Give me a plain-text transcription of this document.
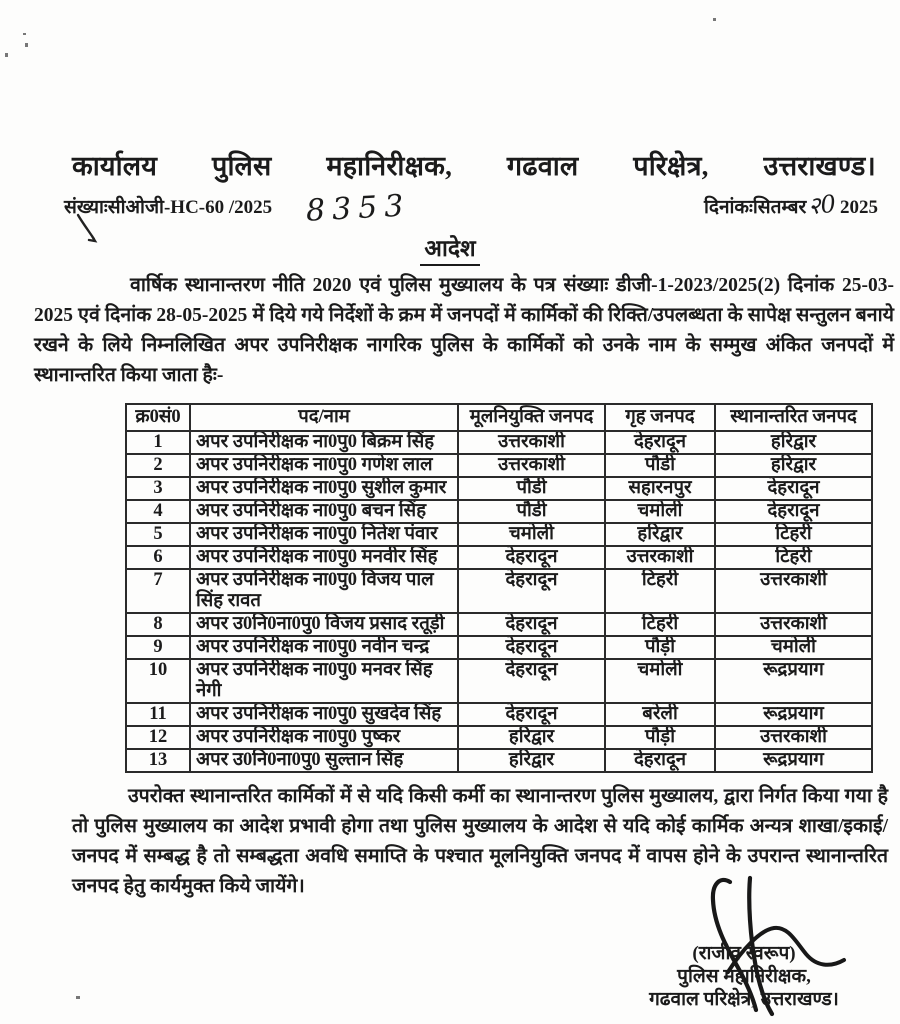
कार्यालय पुलिस महानिरीक्षक, गढवाल परिक्षेत्र, उत्तराखण्ड।
संख्याःसीओजी-HC-60 /2025 8353	दिनांकःसितम्बर २0 2025
आदेश
वार्षिक स्थानान्तरण नीति 2020 एवं पुलिस मुख्यालय के पत्र संख्याः डीजी-1-2023/2025(2) दिनांक 25-03-2025 एवं दिनांक 28-05-2025 में दिये गये निर्देशों के क्रम में जनपदों में कार्मिकों की रिक्ति/उपलब्धता के सापेक्ष सन्तुलन बनाये रखने के लिये निम्नलिखित अपर उपनिरीक्षक नागरिक पुलिस के कार्मिकों को उनके नाम के सम्मुख अंकित जनपदों में स्थानान्तरित किया जाता हैः-
क्र0सं0	पद/नाम	मूलनियुक्ति जनपद	गृह जनपद	स्थानान्तरित जनपद
1	अपर उपनिरीक्षक ना0पु0 बिक्रम सिंह	उत्तरकाशी	देहरादून	हरिद्वार
2	अपर उपनिरीक्षक ना0पु0 गणेश लाल	उत्तरकाशी	पौडी	हरिद्वार
3	अपर उपनिरीक्षक ना0पु0 सुशील कुमार	पौडी	सहारनपुर	देहरादून
4	अपर उपनिरीक्षक ना0पु0 बचन सिंह	पौडी	चमोली	देहरादून
5	अपर उपनिरीक्षक ना0पु0 नितेश पंवार	चमोली	हरिद्वार	टिहरी
6	अपर उपनिरीक्षक ना0पु0 मनवीर सिंह	देहरादून	उत्तरकाशी	टिहरी
7	अपर उपनिरीक्षक ना0पु0 विजय पाल सिंह रावत	देहरादून	टिहरी	उत्तरकाशी
8	अपर उ0नि0ना0पु0 विजय प्रसाद रतूड़ी	देहरादून	टिहरी	उत्तरकाशी
9	अपर उपनिरीक्षक ना0पु0 नवीन चन्द्र	देहरादून	पौड़ी	चमोली
10	अपर उपनिरीक्षक ना0पु0 मनवर सिंह नेगी	देहरादून	चमोली	रूद्रप्रयाग
11	अपर उपनिरीक्षक ना0पु0 सुखदेव सिंह	देहरादून	बरेली	रूद्रप्रयाग
12	अपर उपनिरीक्षक ना0पु0 पुष्कर	हरिद्वार	पौड़ी	उत्तरकाशी
13	अपर उ0नि0ना0पु0 सुल्तान सिंह	हरिद्वार	देहरादून	रूद्रप्रयाग
उपरोक्त स्थानान्तरित कार्मिकों में से यदि किसी कर्मी का स्थानान्तरण पुलिस मुख्यालय, द्वारा निर्गत किया गया है तो पुलिस मुख्यालय का आदेश प्रभावी होगा तथा पुलिस मुख्यालय के आदेश से यदि कोई कार्मिक अन्यत्र शाखा/इकाई/जनपद में सम्बद्ध है तो सम्बद्धता अवधि समाप्ति के पश्चात मूलनियुक्ति जनपद में वापस होने के उपरान्त स्थानान्तरित जनपद हेतु कार्यमुक्त किये जायेंगे।
(राजीव स्वरूप)
पुलिस महानिरीक्षक,
गढवाल परिक्षेत्र, उत्तराखण्ड।
